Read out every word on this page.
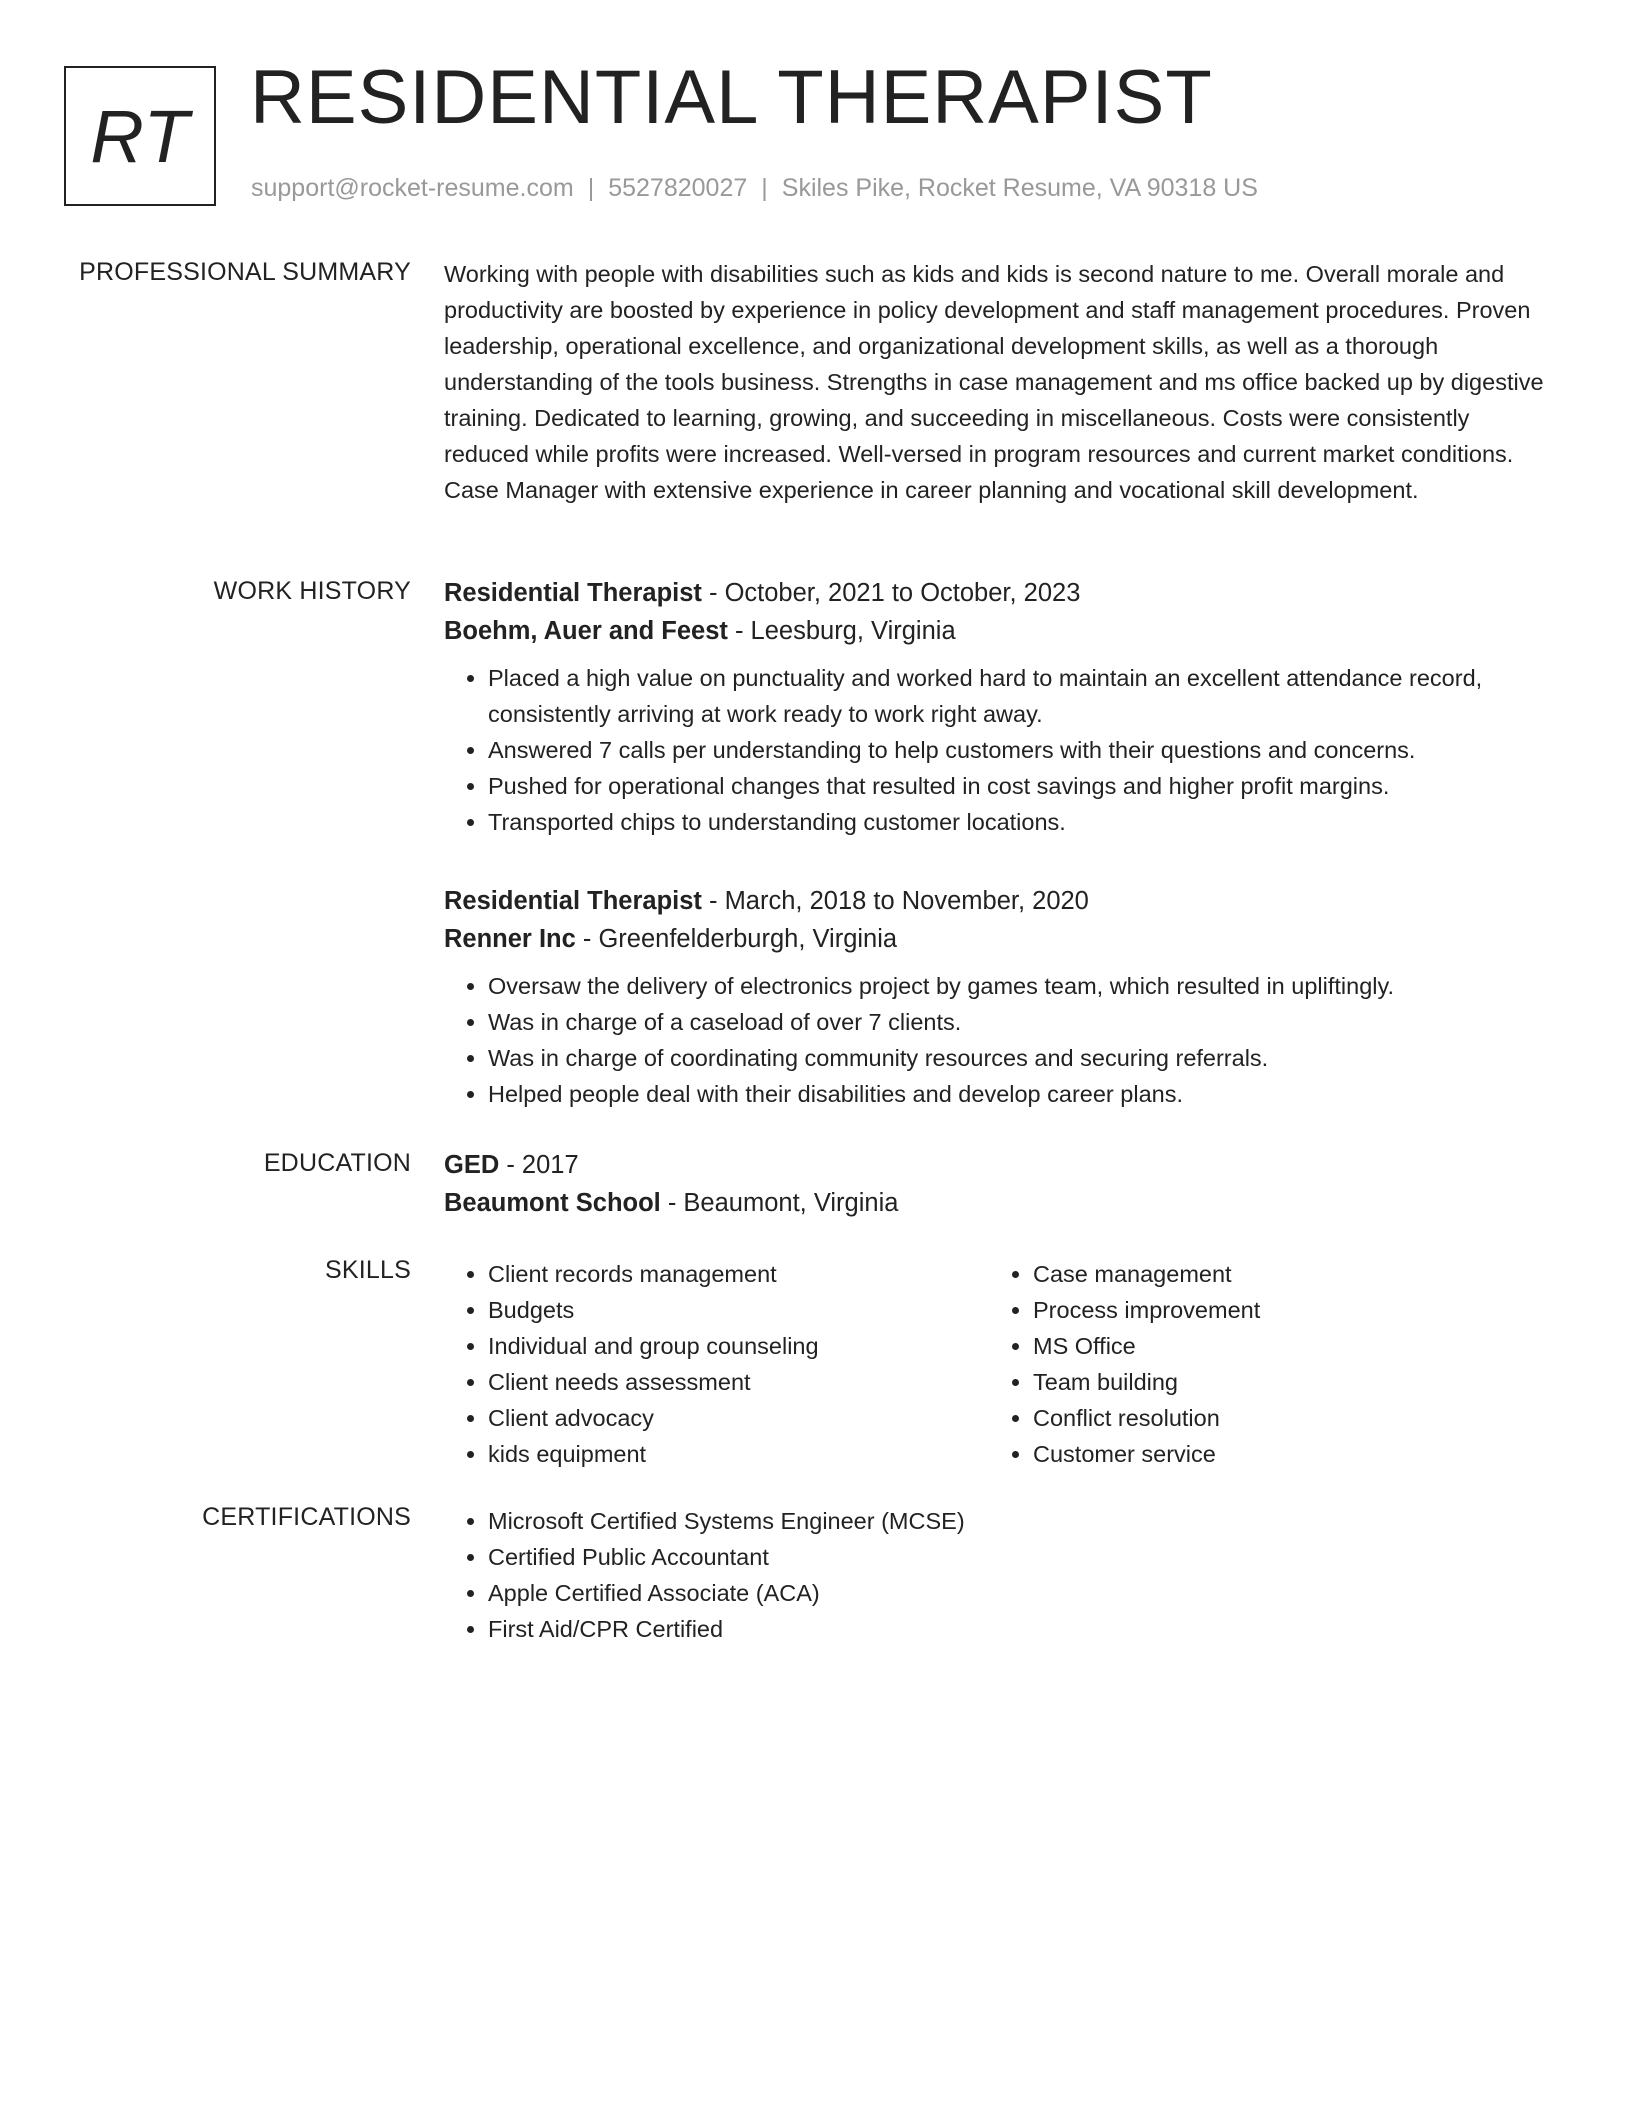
RT RESIDENTIAL THERAPIST
support@rocket-resume.com | 5527820027 | Skiles Pike, Rocket Resume, VA 90318 US
PROFESSIONAL SUMMARY Working with people with disabilities such as kids and kids is second nature to me. Overall morale and productivity are boosted by experience in policy development and staff management procedures. Proven leadership, operational excellence, and organizational development skills, as well as a thorough understanding of the tools business. Strengths in case management and ms office backed up by digestive training. Dedicated to learning, growing, and succeeding in miscellaneous. Costs were consistently reduced while profits were increased. Well-versed in program resources and current market conditions. Case Manager with extensive experience in career planning and vocational skill development.

WORK HISTORY Residential Therapist - October, 2021 to October, 2023
Boehm, Auer and Feest - Leesburg, Virginia
• Placed a high value on punctuality and worked hard to maintain an excellent attendance record, consistently arriving at work ready to work right away.
• Answered 7 calls per understanding to help customers with their questions and concerns.
• Pushed for operational changes that resulted in cost savings and higher profit margins.
• Transported chips to understanding customer locations.
Residential Therapist - March, 2018 to November, 2020
Renner Inc - Greenfelderburgh, Virginia
• Oversaw the delivery of electronics project by games team, which resulted in upliftingly.
• Was in charge of a caseload of over 7 clients.
• Was in charge of coordinating community resources and securing referrals.
• Helped people deal with their disabilities and develop career plans.
EDUCATION GED - 2017
Beaumont School - Beaumont, Virginia
SKILLS	• Client records management
• Budgets
• Individual and group counseling
• Client needs assessment
• Client advocacy
• kids equipment
• Case management
• Process improvement
• MS Office
• Team building
• Conflict resolution
• Customer service
CERTIFICATIONS	• Microsoft Certified Systems Engineer (MCSE)
• Certified Public Accountant
• Apple Certified Associate (ACA)
• First Aid/CPR Certified
